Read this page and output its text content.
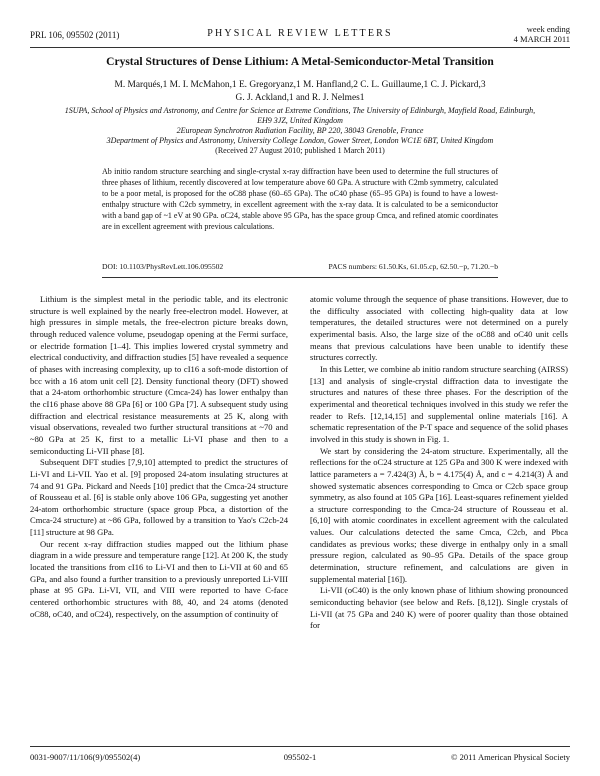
PRL 106, 095502 (2011)	PHYSICAL REVIEW LETTERS	week ending
4 MARCH 2011
Crystal Structures of Dense Lithium: A Metal-Semiconductor-Metal Transition
M. Marqués,1 M. I. McMahon,1 E. Gregoryanz,1 M. Hanfland,2 C. L. Guillaume,1 C. J. Pickard,3
G. J. Ackland,1 and R. J. Nelmes1
1SUPA, School of Physics and Astronomy, and Centre for Science at Extreme Conditions, The University of Edinburgh, Mayfield Road, Edinburgh, EH9 3JZ, United Kingdom
2European Synchrotron Radiation Facility, BP 220, 38043 Grenoble, France
3Department of Physics and Astronomy, University College London, Gower Street, London WC1E 6BT, United Kingdom
(Received 27 August 2010; published 1 March 2011)
Ab initio random structure searching and single-crystal x-ray diffraction have been used to determine the full structures of three phases of lithium, recently discovered at low temperature above 60 GPa. A structure with C2mb symmetry, calculated to be a poor metal, is proposed for the oC88 phase (60–65 GPa). The oC40 phase (65–95 GPa) is found to have a lowest-enthalpy structure with C2cb symmetry, in excellent agreement with the x-ray data. It is calculated to be a semiconductor with a band gap of ~1 eV at 90 GPa. oC24, stable above 95 GPa, has the space group Cmca, and refined atomic coordinates are in excellent agreement with previous calculations.
DOI: 10.1103/PhysRevLett.106.095502	PACS numbers: 61.50.Ks, 61.05.cp, 62.50.−p, 71.20.−b

Lithium is the simplest metal in the periodic table, and its electronic structure is well explained by the nearly free-electron model. However, at high pressures in simple metals, the free-electron picture breaks down, through reduced valence volume, pseudogap opening at the Fermi surface, or electride formation [1–4]. This implies lowered crystal symmetry and electrical conductivity, and diffraction studies [5] have revealed a sequence of phases with increasing complexity, up to cI16 a soft-mode distortion of bcc with a 16 atom unit cell [2]. Density functional theory (DFT) showed that a 24-atom orthorhombic structure (Cmca-24) has lower enthalpy than the cI16 phase above 88 GPa [6] or 100 GPa [7]. A subsequent study using diffraction and electrical resistance measurements at 25 K, along with visual observations, revealed two further structural transitions at ~70 and ~80 GPa at 25 K, first to a metallic Li-VI phase and then to a semiconducting Li-VII phase [8].

Subsequent DFT studies [7,9,10] attempted to predict the structures of Li-VI and Li-VII. Yao et al. [9] proposed 24-atom insulating structures at 74 and 91 GPa. Pickard and Needs [10] predict that the Cmca-24 structure of Rousseau et al. [6] is stable only above 106 GPa, suggesting yet another 24-atom orthorhombic structure (space group Pbca, a distortion of the Cmca-24 structure) at ~86 GPa, followed by a transition to Yao's C2cb-24 [11] structure at 98 GPa.

Our recent x-ray diffraction studies mapped out the lithium phase diagram in a wide pressure and temperature range [12]. At 200 K, the study located the transitions from cI16 to Li-VI and then to Li-VII at 60 and 65 GPa, and also found a further transition to a previously unreported Li-VIII phase at 95 GPa. Li-VI, VII, and VIII were reported to have C-face centered orthorhombic structures with 88, 40, and 24 atoms (denoted oC88, oC40, and oC24), respectively, on the assumption of continuity of

atomic volume through the sequence of phase transitions. However, due to the difficulty associated with collecting high-quality data at low temperatures, the detailed structures were not determined on a purely experimental basis. Also, the large size of the oC88 and oC40 unit cells means that previous calculations have been unable to identify these structures correctly.

In this Letter, we combine ab initio random structure searching (AIRSS) [13] and analysis of single-crystal diffraction data to investigate the structures and natures of these three phases. For the description of the experimental and theoretical techniques involved in this study we refer the reader to Refs. [12,14,15] and supplemental online materials [16]. A schematic representation of the P-T space and sequence of the solid phases involved in this study is shown in Fig. 1.

We start by considering the 24-atom structure. Experimentally, all the reflections for the oC24 structure at 125 GPa and 300 K were indexed with lattice parameters a = 7.424(3) Å, b = 4.175(4) Å, and c = 4.214(3) Å and showed systematic absences corresponding to Cmca or C2cb space group symmetry, as also found at 105 GPa [16]. Least-squares refinement yielded a structure corresponding to the Cmca-24 structure of Rousseau et al. [6,10] with atomic coordinates in excellent agreement with the calculated values. Our calculations detected the same Cmca, C2cb, and Pbca candidates as previous works; these diverge in enthalpy only in a small pressure region, calculated as 90–95 GPa. Details of the space group determination, structure refinement, and calculations are given in supplemental material [16]).

Li-VII (oC40) is the only known phase of lithium showing pronounced semiconducting behavior (see below and Refs. [8,12]). Single crystals of Li-VII (at 75 GPa and 240 K) were of poorer quality than those obtained for

0031-9007/11/106(9)/095502(4)	095502-1	© 2011 American Physical Society
